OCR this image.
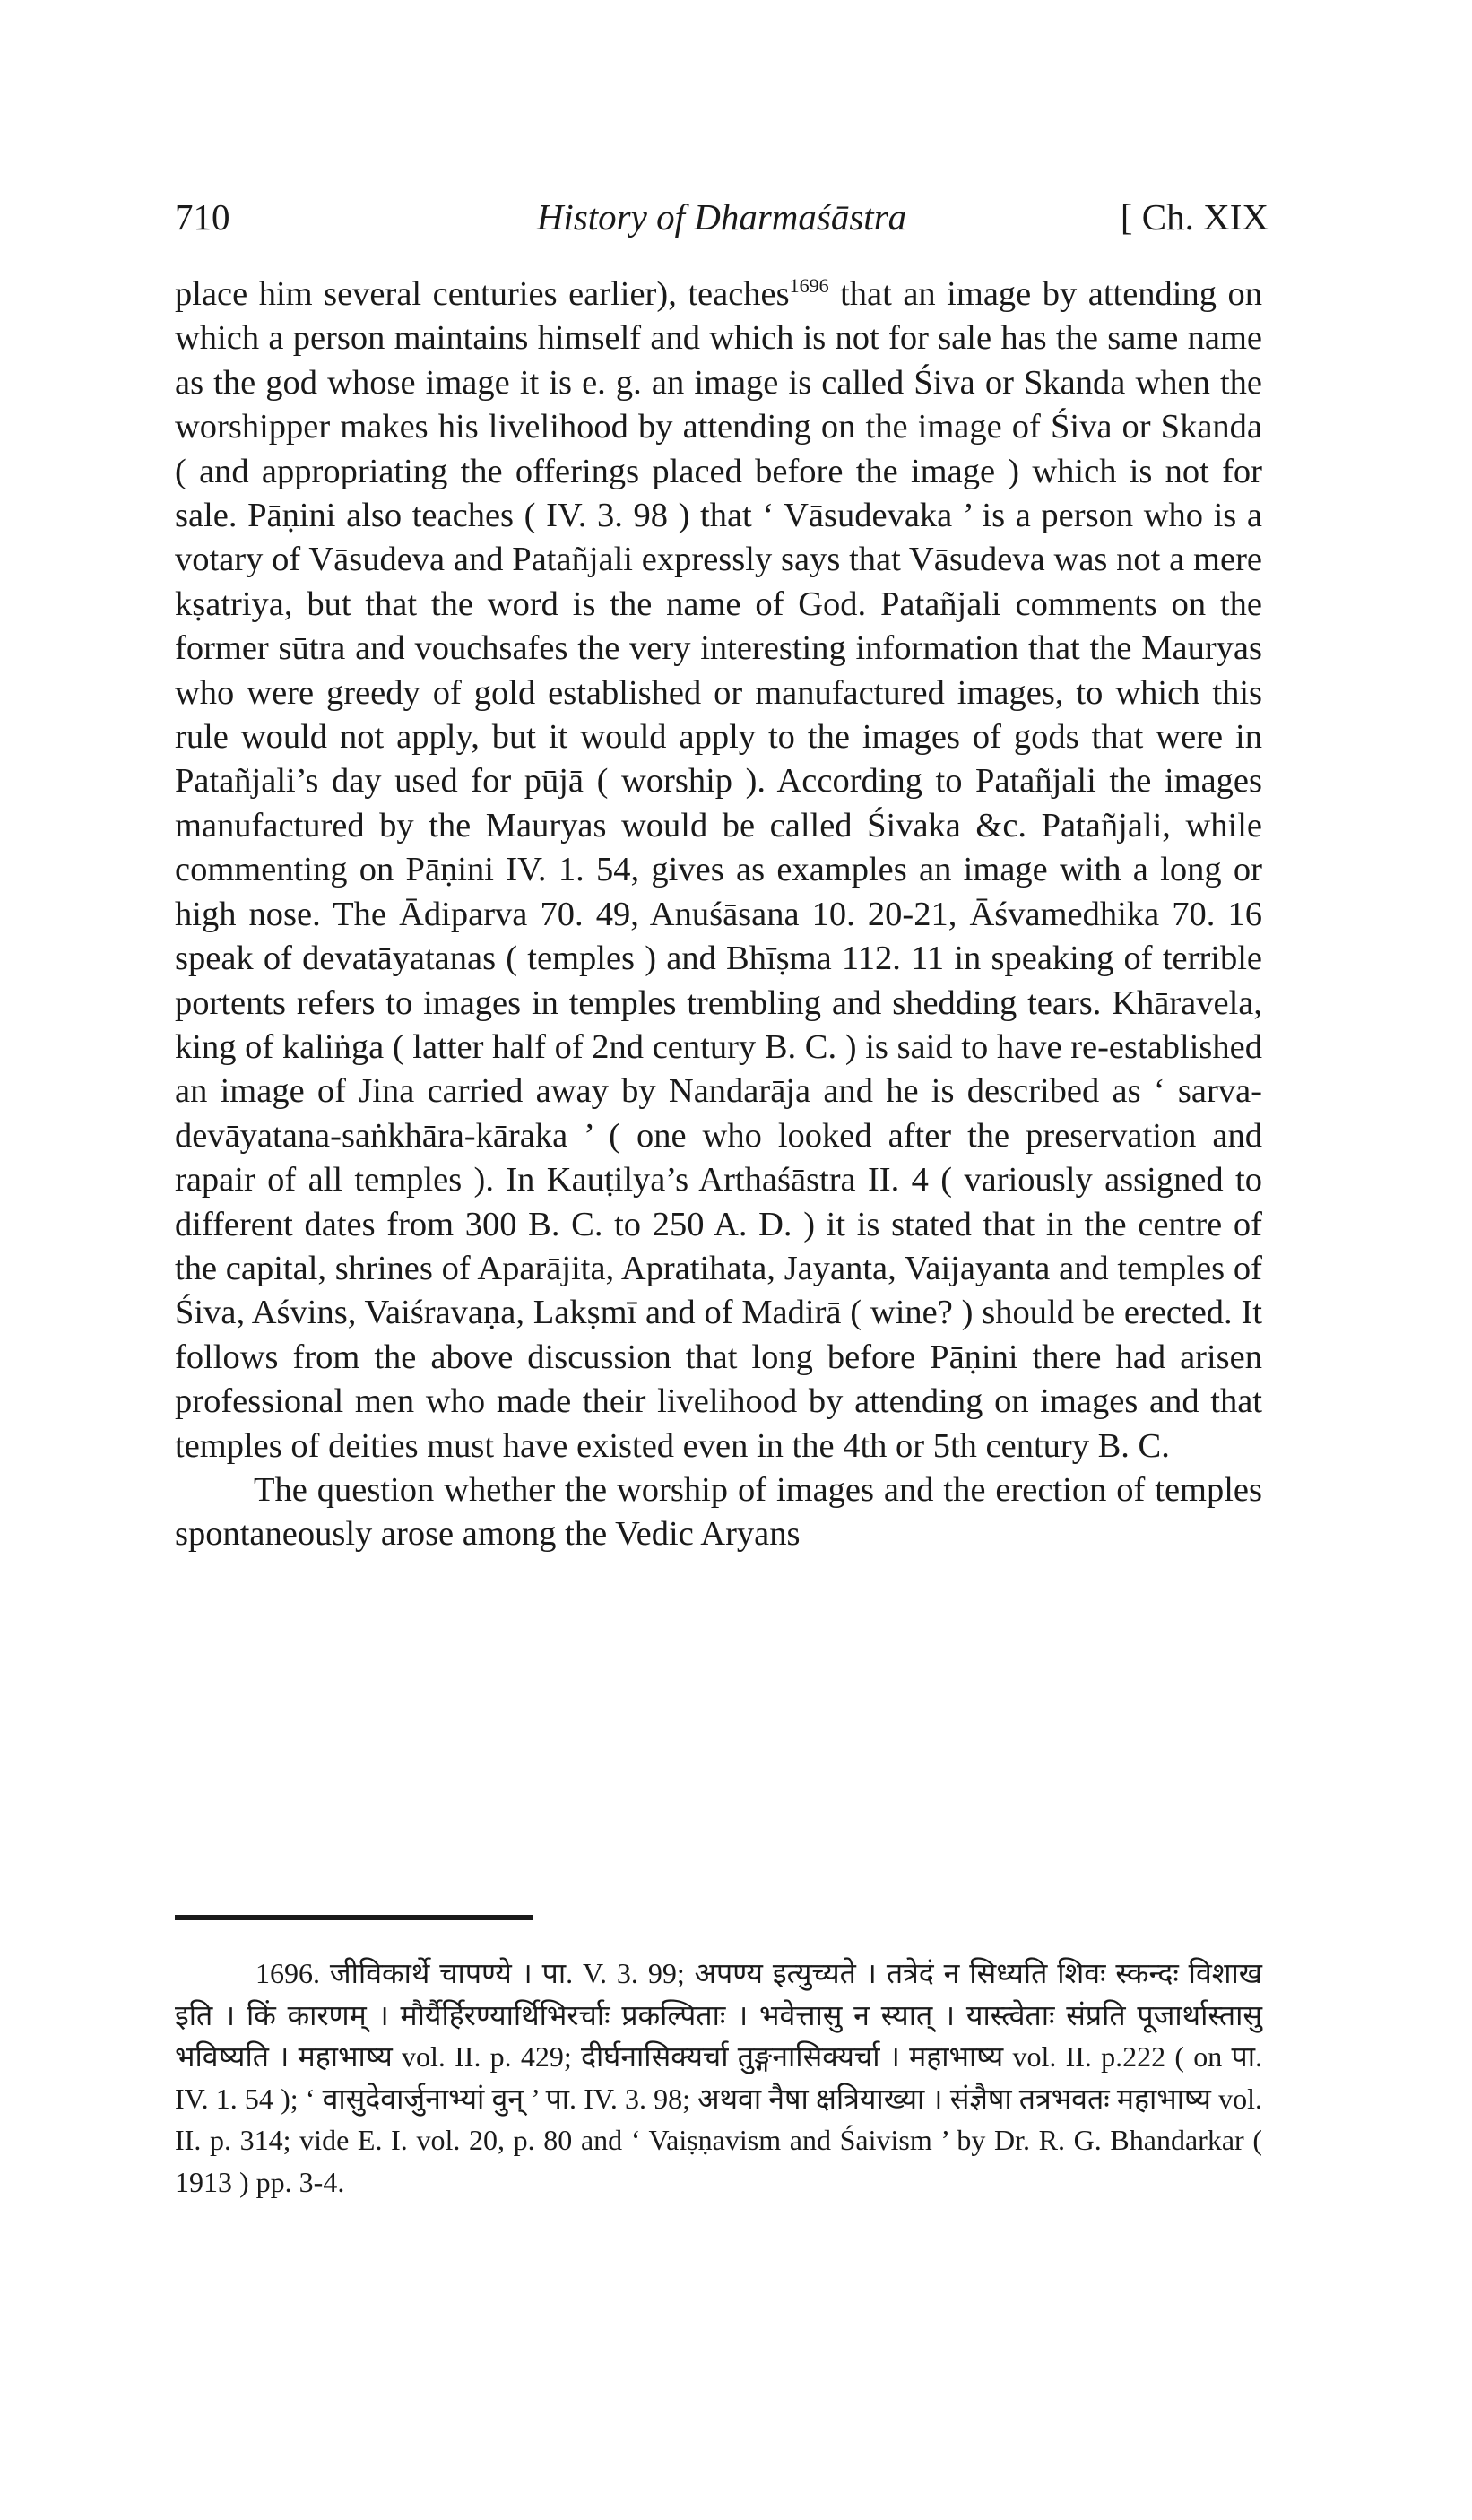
710	History of Dharmaśāstra	[ Ch. XIX

place him several centuries earlier), teaches$^{1696}$ that an image by attending on which a person maintains himself and which is not for sale has the same name as the god whose image it is e. g. an image is called Śiva or Skanda when the worshipper makes his livelihood by attending on the image of Śiva or Skanda ( and appropriating the offerings placed before the image ) which is not for sale. Pāṇini also teaches ( IV. 3. 98 ) that ‘ Vāsudevaka ’ is a person who is a votary of Vāsudeva and Patañjali expressly says that Vāsudeva was not a mere kṣatriya, but that the word is the name of God. Patañjali comments on the former sūtra and vouchsafes the very interesting information that the Mauryas who were greedy of gold established or manufactured images, to which this rule would not apply, but it would apply to the images of gods that were in Patañjali’s day used for pūjā ( worship ). According to Patañjali the images manufactured by the Mauryas would be called Śivaka &c. Patañjali, while commenting on Pāṇini IV. 1. 54, gives as examples an image with a long or high nose. The Ādiparva 70. 49, Anuśāsana 10. 20-21, Āśvamedhika 70. 16 speak of devatāyatanas ( temples ) and Bhīṣma 112. 11 in speaking of terrible portents refers to images in temples trembling and shedding tears. Khāravela, king of kaliṅga ( latter half of 2nd century B. C. ) is said to have re-established an image of Jina carried away by Nandarāja and he is described as ‘ sarva-devāyatana-saṅkhāra-kāraka ’ ( one who looked after the preservation and rapair of all temples ). In Kauṭilya’s Arthaśāstra II. 4 ( variously assigned to different dates from 300 B. C. to 250 A. D. ) it is stated that in the centre of the capital, shrines of Aparājita, Apratihata, Jayanta, Vaijayanta and temples of Śiva, Aśvins, Vaiśravaṇa, Lakṣmī and of Madirā ( wine? ) should be erected. It follows from the above discussion that long before Pāṇini there had arisen professional men who made their livelihood by attending on images and that temples of deities must have existed even in the 4th or 5th century B. C.

The question whether the worship of images and the erection of temples spontaneously arose among the Vedic Aryans

1696. जीविकार्थे चापण्ये । पा. V. 3. 99; अपण्य इत्युच्यते । तत्रेदं न सिध्यति शिवः स्कन्दः विशाख इति । किं कारणम् । मौर्यैर्हिरण्यार्थिभिरर्चाः प्रकल्पिताः । भवेत्तासु न स्यात् । यास्त्वेताः संप्रति पूजार्थास्तासु भविष्यति । महाभाष्य vol. II. p. 429; दीर्घनासिक्यर्चा तुङ्गनासिक्यर्चा । महाभाष्य vol. II. p.222 ( on पा. IV. 1. 54 ); ‘ वासुदेवार्जुनाभ्यां वुन् ’ पा. IV. 3. 98; अथवा नैषा क्षत्रियाख्या । संज्ञैषा तत्रभवतः महाभाष्य vol. II. p. 314; vide E. I. vol. 20, p. 80 and ‘ Vaiṣṇavism and Śaivism ’ by Dr. R. G. Bhandarkar ( 1913 ) pp. 3-4.
